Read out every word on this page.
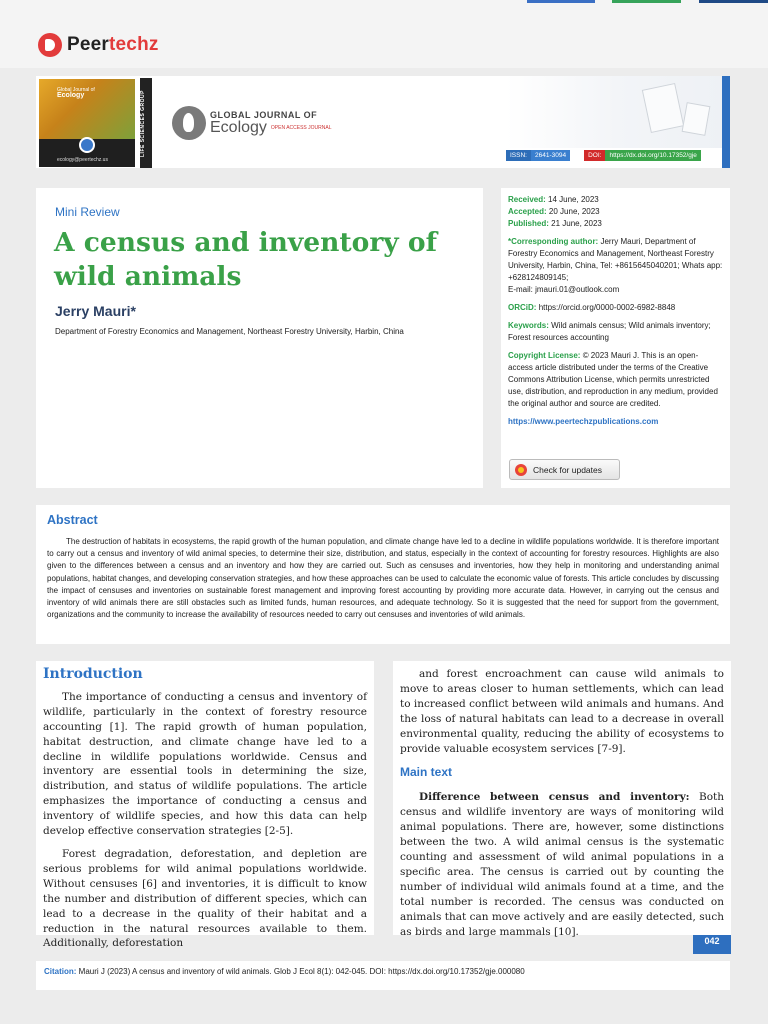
Peertechz
Global Journal of
Ecology
ecology@peertechz.us
LIFE SCIENCES GROUP	GLOBAL JOURNAL OF
Ecology OPEN ACCESS JOURNAL
ISSN:	2641-3094	DOI:	https://dx.doi.org/10.17352/gje
Mini Review
A census and inventory of wild animals
Jerry Mauri*
Department of Forestry Economics and Management, Northeast Forestry University, Harbin, China
Received: 14 June, 2023
Accepted: 20 June, 2023
Published: 21 June, 2023
*Corresponding author: Jerry Mauri, Department of Forestry Economics and Management, Northeast Forestry University, Harbin, China, Tel: +8615645040201; Whats app: +628124809145;
E-mail: jmauri.01@outlook.com
ORCiD: https://orcid.org/0000-0002-6982-8848
Keywords: Wild animals census; Wild animals inventory; Forest resources accounting
Copyright License: © 2023 Mauri J. This is an open-access article distributed under the terms of the Creative Commons Attribution License, which permits unrestricted use, distribution, and reproduction in any medium, provided the original author and source are credited.
https://www.peertechzpublications.com
Check for updates
Abstract
The destruction of habitats in ecosystems, the rapid growth of the human population, and climate change have led to a decline in wildlife populations worldwide. It is therefore important to carry out a census and inventory of wild animal species, to determine their size, distribution, and status, especially in the context of accounting for forestry resources. Highlights are also given to the differences between a census and an inventory and how they are carried out. Such as censuses and inventories, how they help in monitoring and understanding animal populations, habitat changes, and developing conservation strategies, and how these approaches can be used to calculate the economic value of forests. This article concludes by discussing the impact of censuses and inventories on sustainable forest management and improving forest accounting by providing more accurate data. However, in carrying out the census and inventory of wild animals there are still obstacles such as limited funds, human resources, and adequate technology. So it is suggested that the need for support from the government, organizations and the community to increase the availability of resources needed to carry out censuses and inventories of wild animals.
Introduction
The importance of conducting a census and inventory of wildlife, particularly in the context of forestry resource accounting [1]. The rapid growth of human population, habitat destruction, and climate change have led to a decline in wildlife populations worldwide. Census and inventory are essential tools in determining the size, distribution, and status of wildlife populations. The article emphasizes the importance of conducting a census and inventory of wildlife species, and how this data can help develop effective conservation strategies [2-5].
Forest degradation, deforestation, and depletion are serious problems for wild animal populations worldwide. Without censuses [6] and inventories, it is difficult to know the number and distribution of different species, which can lead to a decrease in the quality of their habitat and a reduction in the natural resources available to them. Additionally, deforestation
and forest encroachment can cause wild animals to move to areas closer to human settlements, which can lead to increased conflict between wild animals and humans. And the loss of natural habitats can lead to a decrease in overall environmental quality, reducing the ability of ecosystems to provide valuable ecosystem services [7-9].
Main text
Difference between census and inventory: Both census and wildlife inventory are ways of monitoring wild animal populations. There are, however, some distinctions between the two. A wild animal census is the systematic counting and assessment of wild animal populations in a specific area. The census is carried out by counting the number of individual wild animals found at a time, and the total number is recorded. The census was conducted on animals that can move actively and are easily detected, such as birds and large mammals [10].
042
Citation: Mauri J (2023) A census and inventory of wild animals. Glob J Ecol 8(1): 042-045. DOI: https://dx.doi.org/10.17352/gje.000080
